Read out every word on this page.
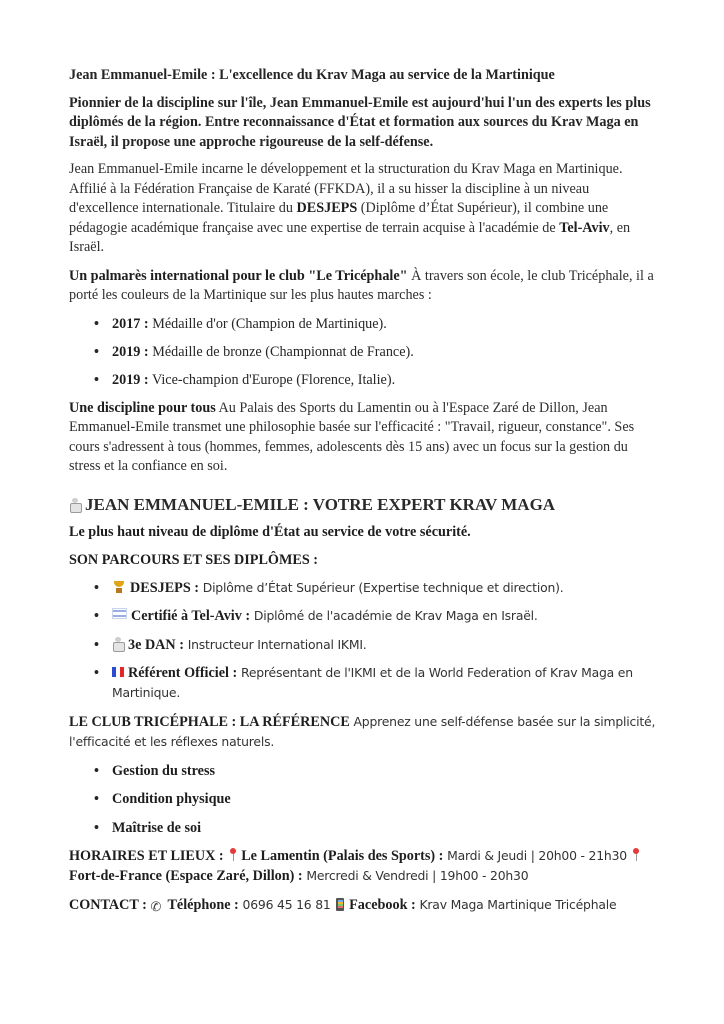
Jean Emmanuel-Emile : L'excellence du Krav Maga au service de la Martinique

Pionnier de la discipline sur l'île, Jean Emmanuel-Emile est aujourd'hui l'un des experts les plus diplômés de la région. Entre reconnaissance d'État et formation aux sources du Krav Maga en Israël, il propose une approche rigoureuse de la self-défense.

Jean Emmanuel-Emile incarne le développement et la structuration du Krav Maga en Martinique. Affilié à la Fédération Française de Karaté (FFKDA), il a su hisser la discipline à un niveau d'excellence internationale. Titulaire du DESJEPS (Diplôme d’État Supérieur), il combine une pédagogie académique française avec une expertise de terrain acquise à l'académie de Tel-Aviv, en Israël.

Un palmarès international pour le club "Le Tricéphale" À travers son école, le club Tricéphale, il a porté les couleurs de la Martinique sur les plus hautes marches :

• 2017 : Médaille d'or (Champion de Martinique).
• 2019 : Médaille de bronze (Championnat de France).
• 2019 : Vice-champion d'Europe (Florence, Italie).

Une discipline pour tous Au Palais des Sports du Lamentin ou à l'Espace Zaré de Dillon, Jean Emmanuel-Emile transmet une philosophie basée sur l'efficacité : "Travail, rigueur, constance". Ses cours s'adressent à tous (hommes, femmes, adolescents dès 15 ans) avec un focus sur la gestion du stress et la confiance en soi.

JEAN EMMANUEL-EMILE : VOTRE EXPERT KRAV MAGA

Le plus haut niveau de diplôme d'État au service de votre sécurité.

SON PARCOURS ET SES DIPLÔMES :

• DESJEPS : Diplôme d’État Supérieur (Expertise technique et direction).
• Certifié à Tel-Aviv : Diplômé de l'académie de Krav Maga en Israël.
• 3e DAN : Instructeur International IKMI.
• Référent Officiel : Représentant de l'IKMI et de la World Federation of Krav Maga en Martinique.

LE CLUB TRICÉPHALE : LA RÉFÉRENCE Apprenez une self-défense basée sur la simplicité, l'efficacité et les réflexes naturels.

• Gestion du stress
• Condition physique
• Maîtrise de soi

HORAIRES ET LIEUX : Le Lamentin (Palais des Sports) : Mardi & Jeudi | 20h00 - 21h30 Fort-de-France (Espace Zaré, Dillon) : Mercredi & Vendredi | 19h00 - 20h30

CONTACT : ✆ Téléphone : 0696 45 16 81 Facebook : Krav Maga Martinique Tricéphale
